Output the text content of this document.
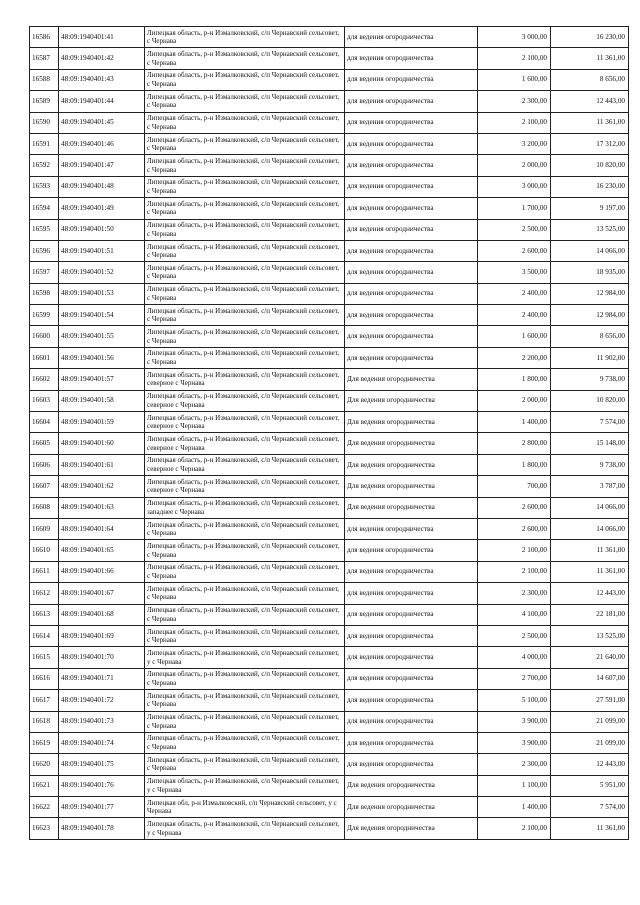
16586	48:09:1940401:41	Липецкая область, р-н Измалковский, с/п Чернавский сельсовет, с Чернава	для ведения огородничества	3 000,00	16 230,00
16587	48:09:1940401:42	Липецкая область, р-н Измалковский, с/п Чернавский сельсовет, с Чернава	для ведения огородничества	2 100,00	11 361,00
16588	48:09:1940401:43	Липецкая область, р-н Измалковский, с/п Чернавский сельсовет, с Чернава	для ведения огородничества	1 600,00	8 656,00
16589	48:09:1940401:44	Липецкая область, р-н Измалковский, с/п Чернавский сельсовет, с Чернава	для ведения огородничества	2 300,00	12 443,00
16590	48:09:1940401:45	Липецкая область, р-н Измалковский, с/п Чернавский сельсовет, с Чернава	для ведения огородничества	2 100,00	11 361,00
16591	48:09:1940401:46	Липецкая область, р-н Измалковский, с/п Чернавский сельсовет, с Чернава	для ведения огородничества	3 200,00	17 312,00
16592	48:09:1940401:47	Липецкая область, р-н Измалковский, с/п Чернавский сельсовет, с Чернава	для ведения огородничества	2 000,00	10 820,00
16593	48:09:1940401:48	Липецкая область, р-н Измалковский, с/п Чернавский сельсовет, с Чернава	для ведения огородничества	3 000,00	16 230,00
16594	48:09:1940401:49	Липецкая область, р-н Измалковский, с/п Чернавский сельсовет, с Чернава	для ведения огородничества	1 700,00	9 197,00
16595	48:09:1940401:50	Липецкая область, р-н Измалковский, с/п Чернавский сельсовет, с Чернава	для ведения огородничества	2 500,00	13 525,00
16596	48:09:1940401:51	Липецкая область, р-н Измалковский, с/п Чернавский сельсовет, с Чернава	для ведения огородничества	2 600,00	14 066,00
16597	48:09:1940401:52	Липецкая область, р-н Измалковский, с/п Чернавский сельсовет, с Чернава	для ведения огородничества	3 500,00	18 935,00
16598	48:09:1940401:53	Липецкая область, р-н Измалковский, с/п Чернавский сельсовет, с Чернава	для ведения огородничества	2 400,00	12 984,00
16599	48:09:1940401:54	Липецкая область, р-н Измалковский, с/п Чернавский сельсовет, с Чернава	для ведения огородничества	2 400,00	12 984,00
16600	48:09:1940401:55	Липецкая область, р-н Измалковский, с/п Чернавский сельсовет, с Чернава	для ведения огородничества	1 600,00	8 656,00
16601	48:09:1940401:56	Липецкая область, р-н Измалковский, с/п Чернавский сельсовет, с Чернава	для ведения огородничества	2 200,00	11 902,00
16602	48:09:1940401:57	Липецкая область, р-н Измалковский, с/п Чернавский сельсовет, северное с Чернава	Для ведения огородничества	1 800,00	9 738,00
16603	48:09:1940401:58	Липецкая область, р-н Измалковский, с/п Чернавский сельсовет, северное с Чернава	Для ведения огородничества	2 000,00	10 820,00
16604	48:09:1940401:59	Липецкая область, р-н Измалковский, с/п Чернавский сельсовет, северное с Чернава	Для ведения огородничества	1 400,00	7 574,00
16605	48:09:1940401:60	Липецкая область, р-н Измалковский, с/п Чернавский сельсовет, северное с Чернава	Для ведения огородничества	2 800,00	15 148,00
16606	48:09:1940401:61	Липецкая область, р-н Измалковский, с/п Чернавский сельсовет, северное с Чернава	Для ведения огородничества	1 800,00	9 738,00
16607	48:09:1940401:62	Липецкая область, р-н Измалковский, с/п Чернавский сельсовет, северное с Чернава	Для ведения огородничества	700,00	3 787,00
16608	48:09:1940401:63	Липецкая область, р-н Измалковский, с/п Чернавский сельсовет, западнее с Чернава	Для ведения огородничества	2 600,00	14 066,00
16609	48:09:1940401:64	Липецкая область, р-н Измалковский, с/п Чернавский сельсовет, с Чернава	для ведения огородничества	2 600,00	14 066,00
16610	48:09:1940401:65	Липецкая область, р-н Измалковский, с/п Чернавский сельсовет, с Чернава	для ведения огородничества	2 100,00	11 361,00
16611	48:09:1940401:66	Липецкая область, р-н Измалковский, с/п Чернавский сельсовет, с Чернава	для ведения огородничества	2 100,00	11 361,00
16612	48:09:1940401:67	Липецкая область, р-н Измалковский, с/п Чернавский сельсовет, с Чернава	для ведения огородничества	2 300,00	12 443,00
16613	48:09:1940401:68	Липецкая область, р-н Измалковский, с/п Чернавский сельсовет, с Чернава	для ведения огородничества	4 100,00	22 181,00
16614	48:09:1940401:69	Липецкая область, р-н Измалковский, с/п Чернавский сельсовет, с Чернава	для ведения огородничества	2 500,00	13 525,00
16615	48:09:1940401:70	Липецкая область, р-н Измалковский, с/п Чернавский сельсовет, у с Чернава	для ведения огородничества	4 000,00	21 640,00
16616	48:09:1940401:71	Липецкая область, р-н Измалковский, с/п Чернавский сельсовет, с Чернава	для ведения огородничества	2 700,00	14 607,00
16617	48:09:1940401:72	Липецкая область, р-н Измалковский, с/п Чернавский сельсовет, с Чернава	для ведения огородничества	5 100,00	27 591,00
16618	48:09:1940401:73	Липецкая область, р-н Измалковский, с/п Чернавский сельсовет, с Чернава	для ведения огородничества	3 900,00	21 099,00
16619	48:09:1940401:74	Липецкая область, р-н Измалковский, с/п Чернавский сельсовет, с Чернава	для ведения огородничества	3 900,00	21 099,00
16620	48:09:1940401:75	Липецкая область, р-н Измалковский, с/п Чернавский сельсовет, с Чернава	для ведения огородничества	2 300,00	12 443,00
16621	48:09:1940401:76	Липецкая область, р-н Измалковский, с/п Чернавский сельсовет, у с Чернава	Для ведения огородничества	1 100,00	5 951,00
16622	48:09:1940401:77	Липецкая обл, р-н Измалковский, с/п Чернавский сельсовет, у с Чернава	Для ведения огородничества	1 400,00	7 574,00
16623	48:09:1940401:78	Липецкая область, р-н Измалковский, с/п Чернавский сельсовет, у с Чернава	Для ведения огородничества	2 100,00	11 361,00
